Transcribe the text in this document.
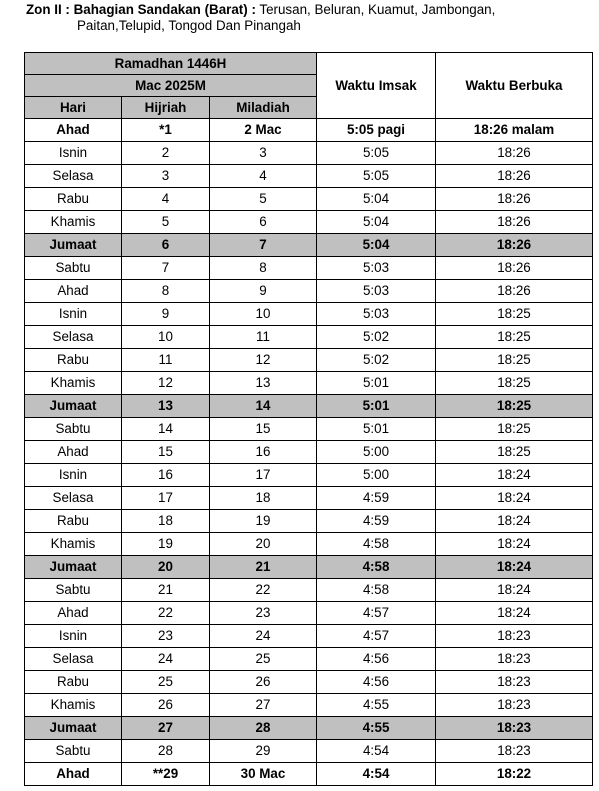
Zon II : Bahagian Sandakan (Barat) : Terusan, Beluran, Kuamut, Jambongan,
Paitan,Telupid, Tongod Dan Pinangah
Ramadhan 1446H			Waktu Imsak	Waktu Berbuka
Mac 2025M				
Hari	Hijriah	Miladiah		
Ahad	*1	2 Mac	5:05 pagi	18:26 malam
Isnin	2	3	5:05	18:26
Selasa	3	4	5:05	18:26
Rabu	4	5	5:04	18:26
Khamis	5	6	5:04	18:26
Jumaat	6	7	5:04	18:26
Sabtu	7	8	5:03	18:26
Ahad	8	9	5:03	18:26
Isnin	9	10	5:03	18:25
Selasa	10	11	5:02	18:25
Rabu	11	12	5:02	18:25
Khamis	12	13	5:01	18:25
Jumaat	13	14	5:01	18:25
Sabtu	14	15	5:01	18:25
Ahad	15	16	5:00	18:25
Isnin	16	17	5:00	18:24
Selasa	17	18	4:59	18:24
Rabu	18	19	4:59	18:24
Khamis	19	20	4:58	18:24
Jumaat	20	21	4:58	18:24
Sabtu	21	22	4:58	18:24
Ahad	22	23	4:57	18:24
Isnin	23	24	4:57	18:23
Selasa	24	25	4:56	18:23
Rabu	25	26	4:56	18:23
Khamis	26	27	4:55	18:23
Jumaat	27	28	4:55	18:23
Sabtu	28	29	4:54	18:23
Ahad	**29	30 Mac	4:54	18:22
